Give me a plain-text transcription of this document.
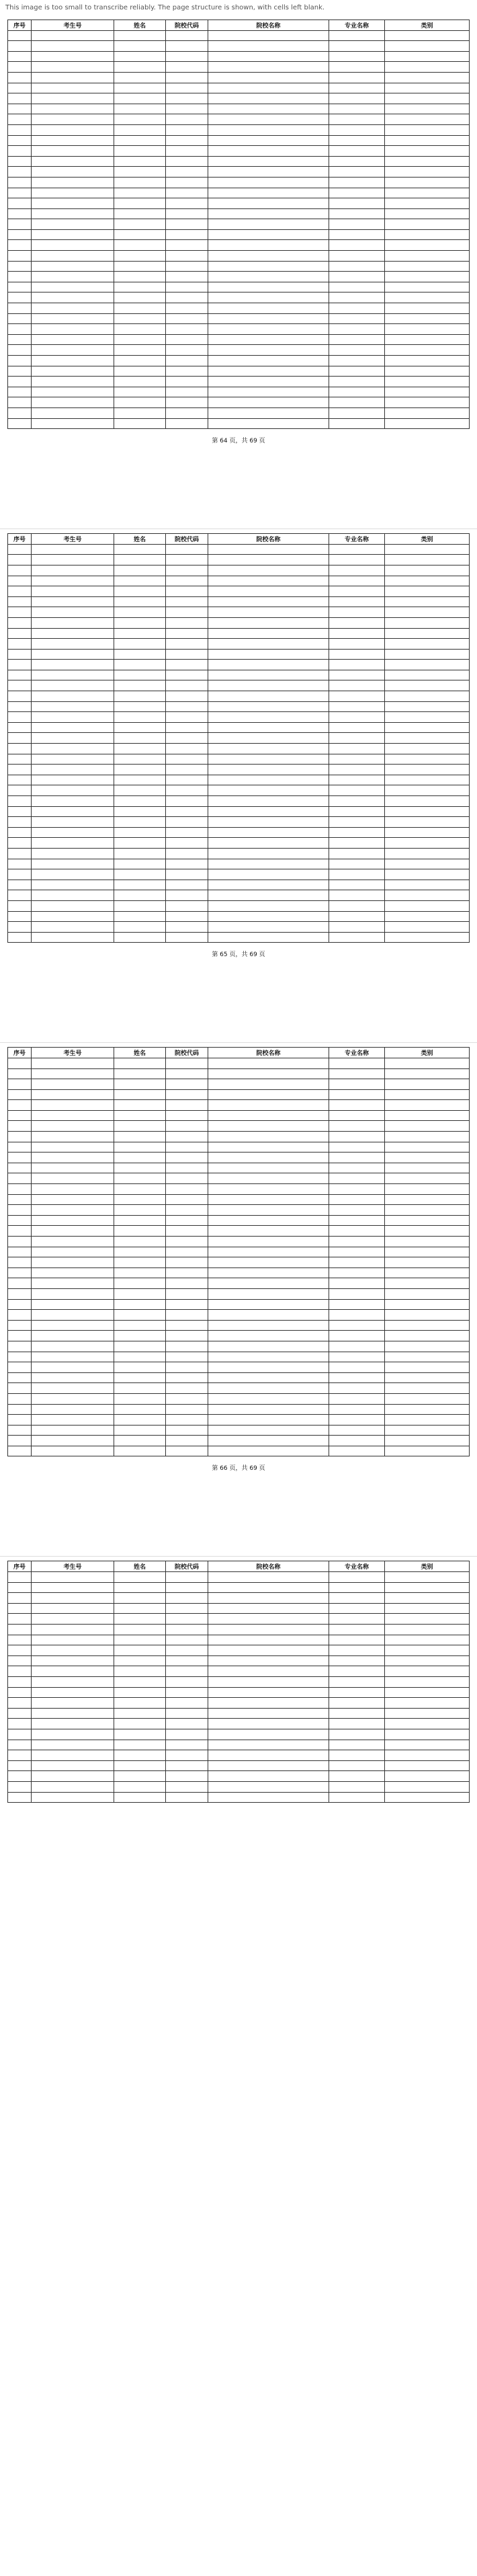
This image is too small to transcribe reliably. The page structure is shown, with cells left blank.
序号	考生号	姓名	院校代码	院校名称	专业名称	类别

第 64 页，共 69 页
序号	考生号	姓名	院校代码	院校名称	专业名称	类别

第 65 页，共 69 页
序号	考生号	姓名	院校代码	院校名称	专业名称	类别

第 66 页，共 69 页
序号	考生号	姓名	院校代码	院校名称	专业名称	类别
